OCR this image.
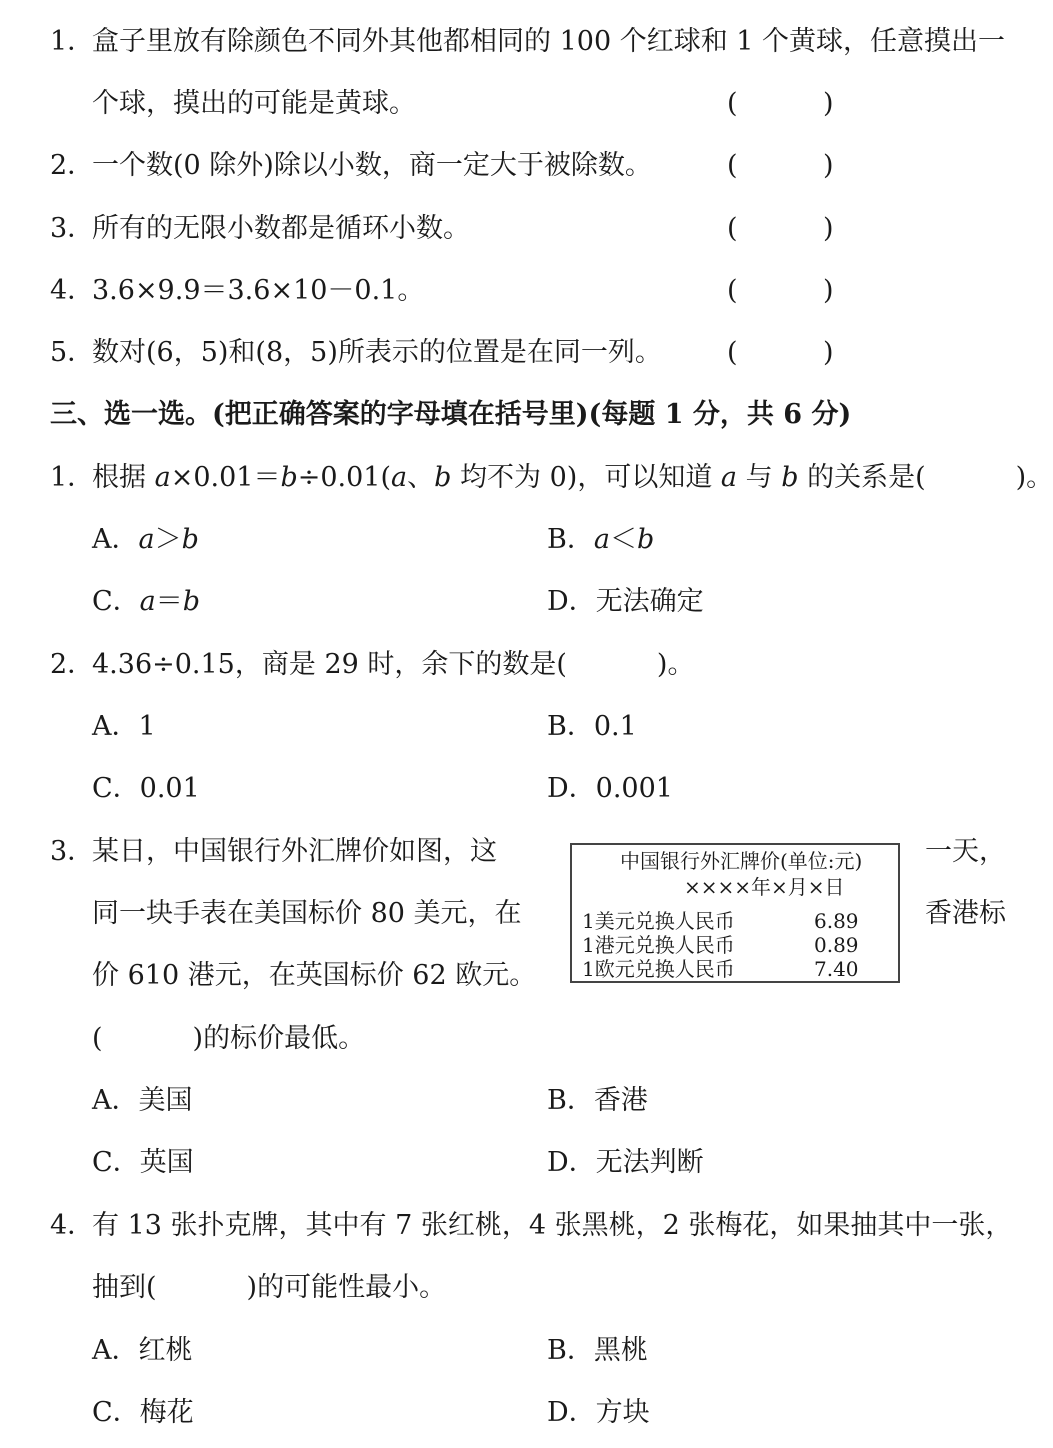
1．
盒子里放有除颜色不同外其他都相同的 100 个红球和 1 个黄球，任意摸出一
个球，摸出的可能是黄球。	(	)
2．
一个数(0 除外)除以小数，商一定大于被除数。	(	)
3．
所有的无限小数都是循环小数。	(	)
4．
3.6×9.9＝3.6×10－0.1。	(	)
5．
数对(6，5)和(8，5)所表示的位置是在同一列。 (	)
三、选一选。(把正确答案的字母填在括号里)(每题 1 分，共 6 分)
1．
根据 a×0.01＝b÷0.01(a、b 均不为 0)，可以知道 a 与 b 的关系是(	)。
A．a＞b	B．a＜b
C．a＝b	D．无法确定
2．
4.36÷0.15，商是 29 时，余下的数是(	)。
A．1	B．0.1
C．0.01	D．0.001
3．
某日，中国银行外汇牌价如图，这	一天，
同一块手表在美国标价 80 美元，在	香港标
价 610 港元，在英国标价 62 欧元。
(	)的标价最低。
中国银行外汇牌价(单位:元)
××××年×月×日
1美元兑换人民币	6.89
1港元兑换人民币	0.89
1欧元兑换人民币	7.40
A．美国	B．香港
C．英国	D．无法判断
4．
有 13 张扑克牌，其中有 7 张红桃，4 张黑桃，2 张梅花，如果抽其中一张，
抽到(	)的可能性最小。
A．红桃	B．黑桃
C．梅花	D．方块
